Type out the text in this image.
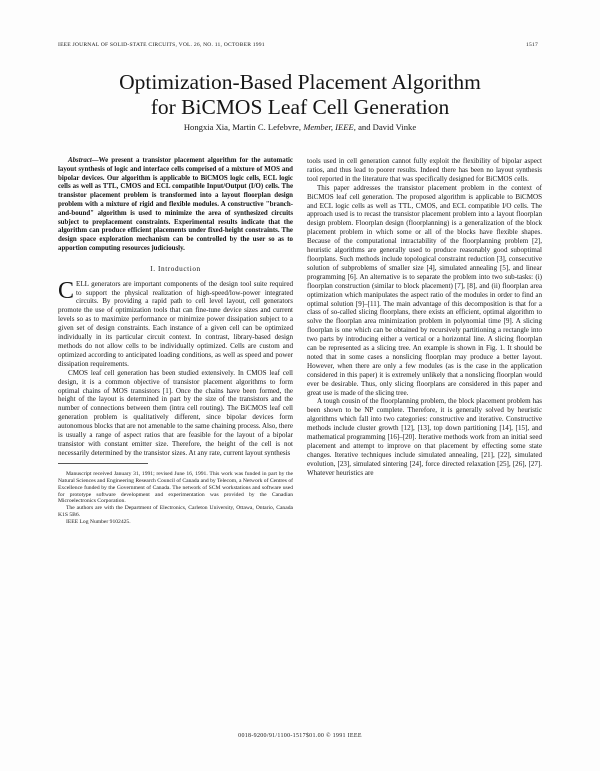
IEEE JOURNAL OF SOLID-STATE CIRCUITS, VOL. 26, NO. 11, OCTOBER 1991	1517
Optimization-Based Placement Algorithm
for BiCMOS Leaf Cell Generation
Hongxia Xia, Martin C. Lefebvre, Member, IEEE, and David Vinke

Abstract—We present a transistor placement algorithm for the automatic layout synthesis of logic and interface cells comprised of a mixture of MOS and bipolar devices. Our algorithm is applicable to BiCMOS logic cells, ECL logic cells as well as TTL, CMOS and ECL compatible Input/Output (I/O) cells. The transistor placement problem is transformed into a layout floorplan design problem with a mixture of rigid and flexible modules. A constructive "branch-and-bound" algorithm is used to minimize the area of synthesized circuits subject to preplacement constraints. Experimental results indicate that the algorithm can produce efficient placements under fixed-height constraints. The design space exploration mechanism can be controlled by the user so as to apportion computing resources judiciously.

I. Introduction

CELL generators are important components of the design tool suite required to support the physical realization of high-speed/low-power integrated circuits. By providing a rapid path to cell level layout, cell generators promote the use of optimization tools that can fine-tune device sizes and current levels so as to maximize performance or minimize power dissipation subject to a given set of design constraints. Each instance of a given cell can be optimized individually in its particular circuit context. In contrast, library-based design methods do not allow cells to be individually optimized. Cells are custom and optimized according to anticipated loading conditions, as well as speed and power dissipation requirements.

CMOS leaf cell generation has been studied extensively. In CMOS leaf cell design, it is a common objective of transistor placement algorithms to form optimal chains of MOS transistors [1]. Once the chains have been formed, the height of the layout is determined in part by the size of the transistors and the number of connections between them (intra cell routing). The BiCMOS leaf cell generation problem is qualitatively different, since bipolar devices form autonomous blocks that are not amenable to the same chaining process. Also, there is usually a range of aspect ratios that are feasible for the layout of a bipolar transistor with constant emitter size. Therefore, the height of the cell is not necessarily determined by the transistor sizes. At any rate, current layout synthesis

Manuscript received January 31, 1991; revised June 16, 1991. This work was funded in part by the Natural Sciences and Engineering Research Council of Canada and by Telecom, a Network of Centres of Excellence funded by the Government of Canada. The network of SCM workstations and software used for prototype software development and experimentation was provided by the Canadian Microelectronics Corporation.

The authors are with the Department of Electronics, Carleton University, Ottawa, Ontario, Canada K1S 5B6.

IEEE Log Number 9102425.

tools used in cell generation cannot fully exploit the flexibility of bipolar aspect ratios, and thus lead to poorer results. Indeed there has been no layout synthesis tool reported in the literature that was specifically designed for BiCMOS cells.

This paper addresses the transistor placement problem in the context of BiCMOS leaf cell generation. The proposed algorithm is applicable to BiCMOS and ECL logic cells as well as TTL, CMOS, and ECL compatible I/O cells. The approach used is to recast the transistor placement problem into a layout floorplan design problem. Floorplan design (floorplanning) is a generalization of the block placement problem in which some or all of the blocks have flexible shapes. Because of the computational intractability of the floorplanning problem [2], heuristic algorithms are generally used to produce reasonably good suboptimal floorplans. Such methods include topological constraint reduction [3], consecutive solution of subproblems of smaller size [4], simulated annealing [5], and linear programming [6]. An alternative is to separate the problem into two sub-tasks: (i) floorplan construction (similar to block placement) [7], [8], and (ii) floorplan area optimization which manipulates the aspect ratio of the modules in order to find an optimal solution [9]–[11]. The main advantage of this decomposition is that for a class of so-called slicing floorplans, there exists an efficient, optimal algorithm to solve the floorplan area minimization problem in polynomial time [9]. A slicing floorplan is one which can be obtained by recursively partitioning a rectangle into two parts by introducing either a vertical or a horizontal line. A slicing floorplan can be represented as a slicing tree. An example is shown in Fig. 1. It should be noted that in some cases a nonslicing floorplan may produce a better layout. However, when there are only a few modules (as is the case in the application considered in this paper) it is extremely unlikely that a nonslicing floorplan would ever be desirable. Thus, only slicing floorplans are considered in this paper and great use is made of the slicing tree.

A tough cousin of the floorplanning problem, the block placement problem has been shown to be NP complete. Therefore, it is generally solved by heuristic algorithms which fall into two categories: constructive and iterative. Constructive methods include cluster growth [12], [13], top down partitioning [14], [15], and mathematical programming [16]–[20]. Iterative methods work from an initial seed placement and attempt to improve on that placement by effecting some state changes. Iterative techniques include simulated annealing, [21], [22], simulated evolution, [23], simulated sintering [24], force directed relaxation [25], [26], [27]. Whatever heuristics are

0018-9200/91/1100-1517$01.00 © 1991 IEEE
